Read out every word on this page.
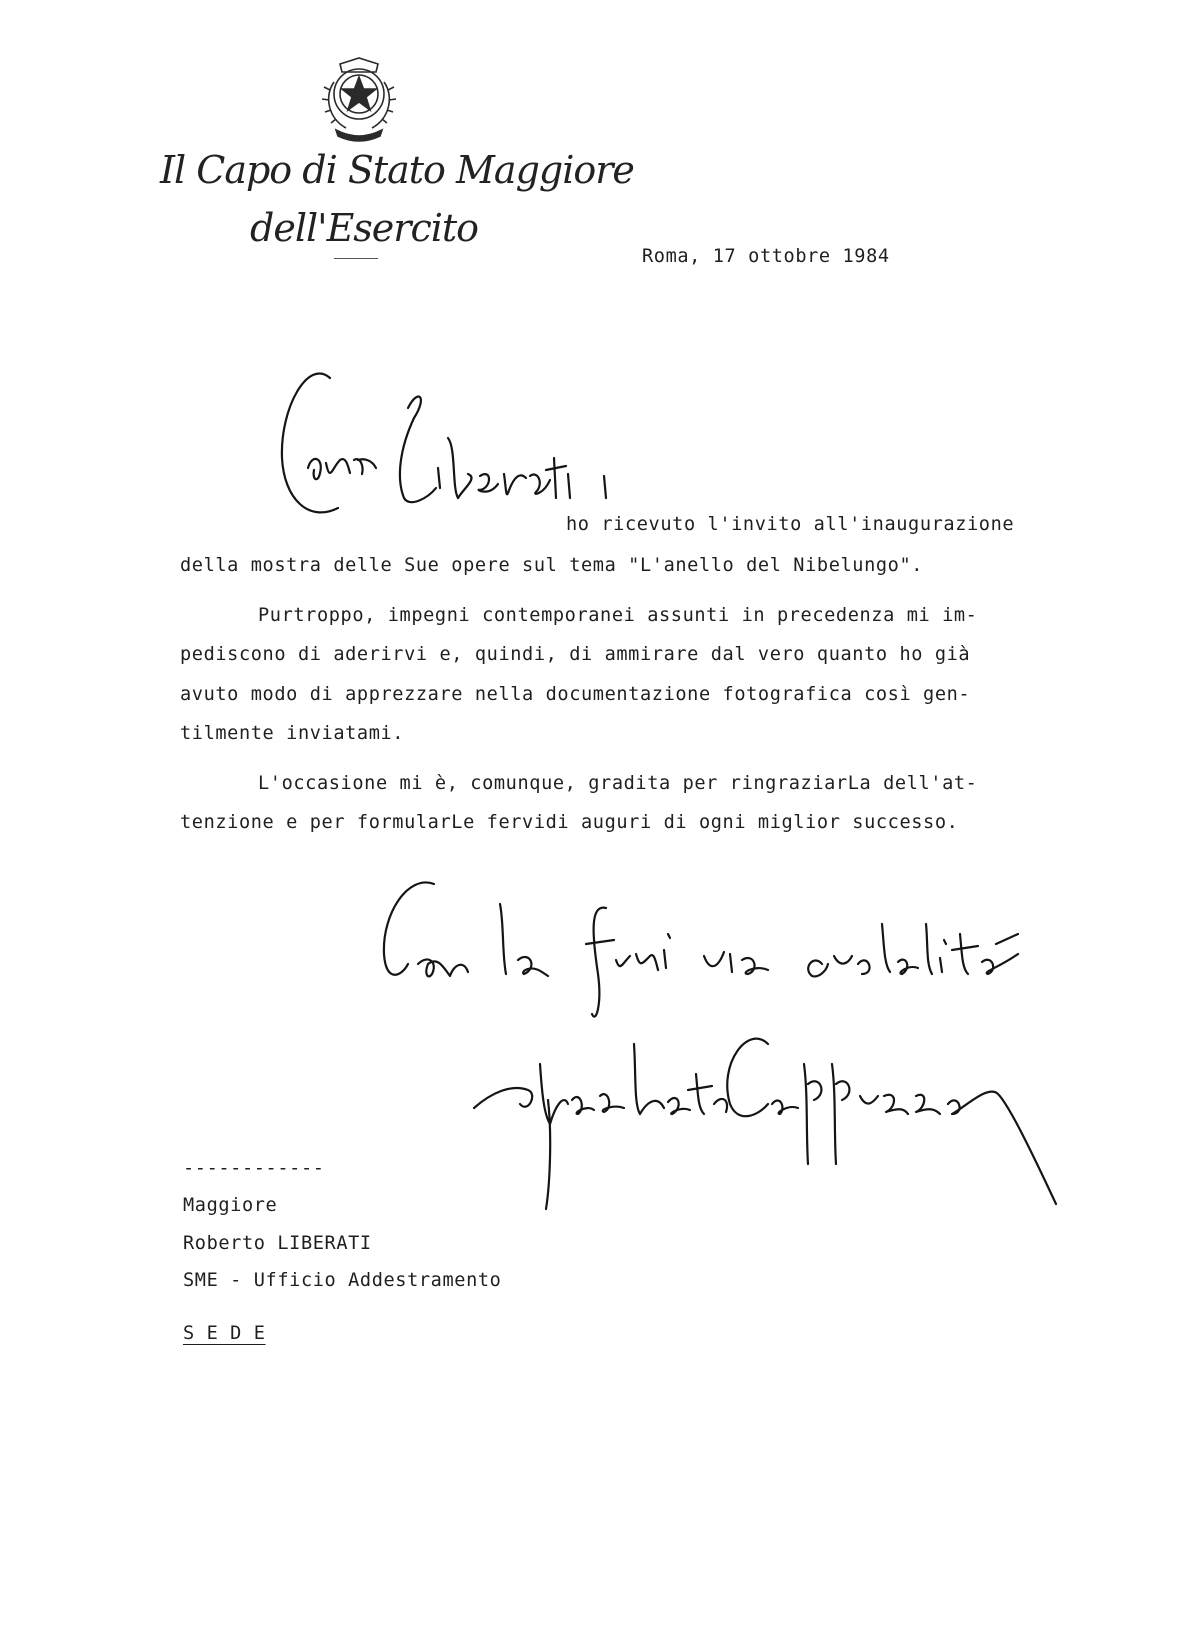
Il Capo di Stato Maggiore
dell'Esercito
Roma, 17 ottobre 1984
ho ricevuto l'invito all'inaugurazione
della mostra delle Sue opere sul tema "L'anello del Nibelungo".
Purtroppo, impegni contemporanei assunti in precedenza mi im-
pediscono di aderirvi e, quindi, di ammirare dal vero quanto ho già
avuto modo di apprezzare nella documentazione fotografica così gen-
tilmente inviatami.
L'occasione mi è, comunque, gradita per ringraziarLa dell'at-
tenzione e per formularLe fervidi auguri di ogni miglior successo.
------------
Maggiore
Roberto LIBERATI
SME - Ufficio Addestramento
S E D E
